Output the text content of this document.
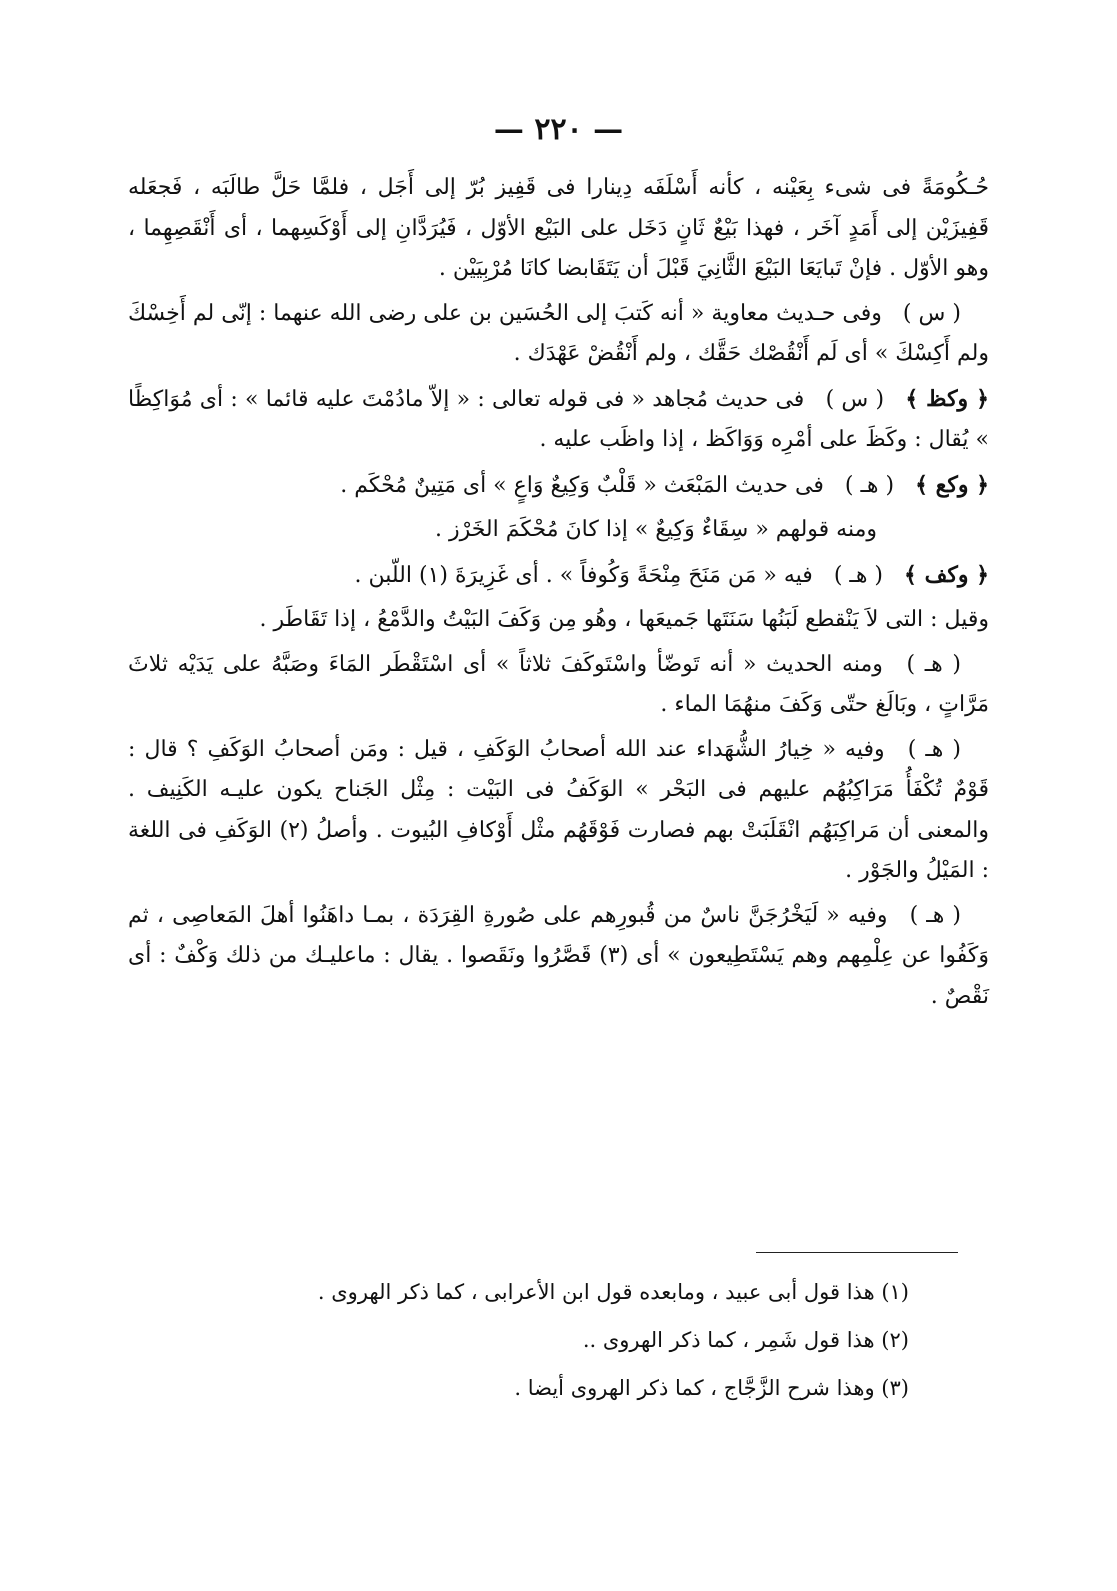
— ٢٢٠ —

حُـكُومَةً فى شىء بِعَيْنه ، كأنه أَسْلَفَه دِينارا فى قَفِيز بُرّ إلى أَجَل ، فلمَّا حَلَّ طالَبَه ، فَجعَله قَفِيزَيْن إلى أَمَدٍ آخَر ، فهذا بَيْعٌ ثَانٍ دَخَل على البَيْع الأوّل ، فَيُرَدَّانِ إلى أَوْكَسِهما ، أى أَنْقَصِهِما ، وهو الأوّل . فإنْ تَبايَعَا البَيْعَ الثَّانِيَ قَبْلَ أن يَتَقَابضا كانَا مُرْبِيَيْن .

( س ) وفى حـديث معاوية « أنه كَتبَ إلى الحُسَين بن على رضى الله عنهما : إنّى لم أَخِسْكَ ولم أَكِسْكَ » أى لَم أَنْقُصْك حَقَّك ، ولم أَنْقُضْ عَهْدَك .

﴿ وكظ ﴾ ( س ) فى حديث مُجاهد « فى قوله تعالى : « إلاّ مادُمْتَ عليه قائما » : أى مُوَاكِظًا » يُقال : وكَظَ على أمْرِه وَوَاكَظ ، إذا واظَب عليه .

﴿ وكع ﴾ ( هـ ) فى حديث المَبْعَث « قَلْبٌ وَكِيعٌ وَاعٍ » أى مَتِينٌ مُحْكَم .

ومنه قولهم « سِقَاءٌ وَكِيعٌ » إذا كانَ مُحْكَمَ الخَرْز .

﴿ وكف ﴾ ( هـ ) فيه « مَن مَنَحَ مِنْحَةً وَكُوفاً » . أى غَزِيرَةَ (١) اللّبن .

وقيل : التى لاَ يَنْقطع لَبَنُها سَنَتَها جَميعَها ، وهُو مِن وَكَفَ البَيْتُ والدَّمْعُ ، إذا تَقَاطَر .

( هـ ) ومنه الحديث « أنه تَوضّأ واسْتَوكَفَ ثلاثاً » أى اسْتَقْطَر المَاءَ وصَبَّهُ على يَدَيْه ثلاثَ مَرَّاتٍ ، وبَالَغ حتّى وَكَفَ منهُمَا الماء .

( هـ ) وفيه « خِيارُ الشُّهَداء عند الله أصحابُ الوَكَفِ ، قيل : ومَن أصحابُ الوَكَفِ ؟ قال : قَوْمٌ تُكْفَأُ مَرَاكِبُهُم عليهم فى البَحْر » الوَكَفُ فى البَيْت : مِثْل الجَناح يكون عليـه الكَنِيف . والمعنى أن مَراكِبَهُم انْقَلَبَتْ بهم فصارت فَوْقَهُم مثْل أَوْكافِ البُيوت . وأصلُ (٢) الوَكَفِ فى اللغة : المَيْلُ والجَوْر .

( هـ ) وفيه « لَيَخْرُجَنَّ ناسٌ من قُبورِهم على صُورةِ القِرَدَة ، بمـا داهَنُوا أهلَ المَعاصِى ، ثم وَكَفُوا عن عِلْمِهم وهم يَسْتَطِيعون » أى (٣) قَصَّرُوا ونَقَصوا . يقال : ماعليـك من ذلك وَكْفٌ : أى نَقْصٌ .

(١) هذا قول أبى عبيد ، ومابعده قول ابن الأعرابى ، كما ذكر الهروى .

(٢) هذا قول شَمِر ، كما ذكر الهروى ..

(٣) وهذا شرح الزَّجَّاج ، كما ذكر الهروى أيضا .
